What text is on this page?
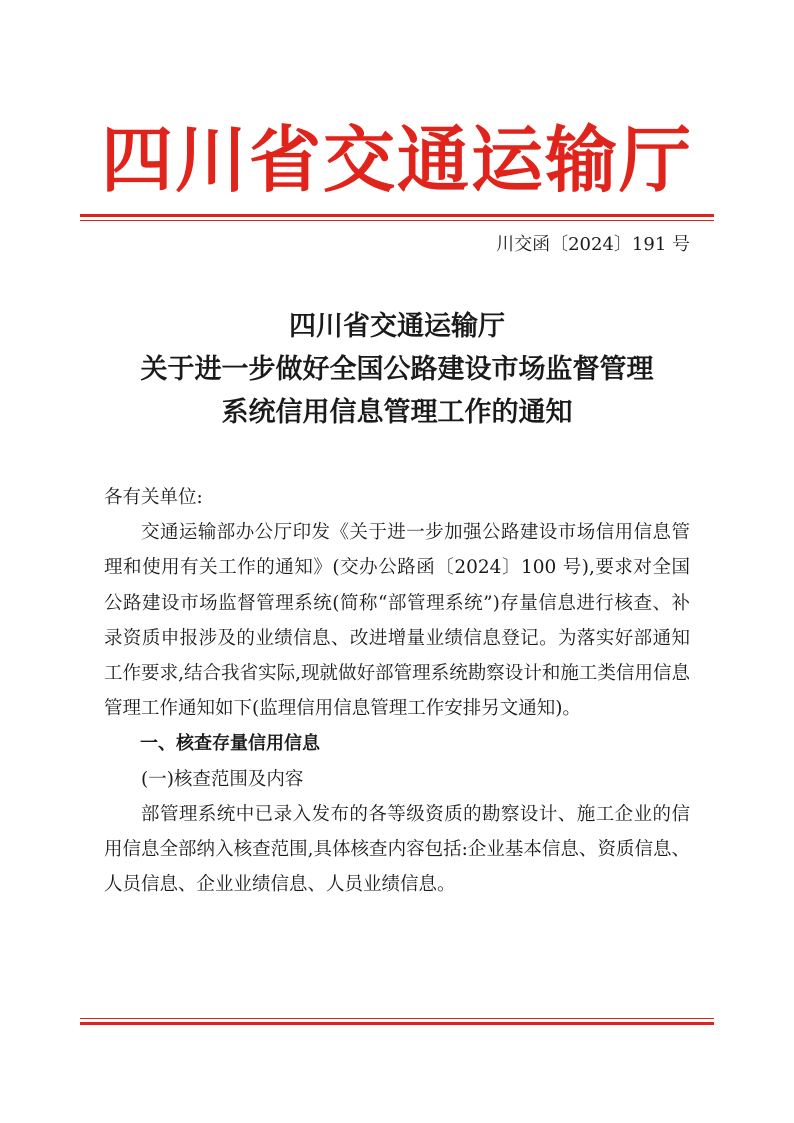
四川省交通运输厅
川交函〔2024〕191 号
四川省交通运输厅
关于进一步做好全国公路建设市场监督管理
系统信用信息管理工作的通知

各有关单位:

交通运输部办公厅印发《关于进一步加强公路建设市场信用信息管理和使用有关工作的通知》(交办公路函〔2024〕100 号),要求对全国公路建设市场监督管理系统(简称“部管理系统”)存量信息进行核查、补录资质申报涉及的业绩信息、改进增量业绩信息登记。为落实好部通知工作要求,结合我省实际,现就做好部管理系统勘察设计和施工类信用信息管理工作通知如下(监理信用信息管理工作安排另文通知)。

一、核查存量信用信息

(一)核查范围及内容

部管理系统中已录入发布的各等级资质的勘察设计、施工企业的信用信息全部纳入核查范围,具体核查内容包括:企业基本信息、资质信息、人员信息、企业业绩信息、人员业绩信息。
